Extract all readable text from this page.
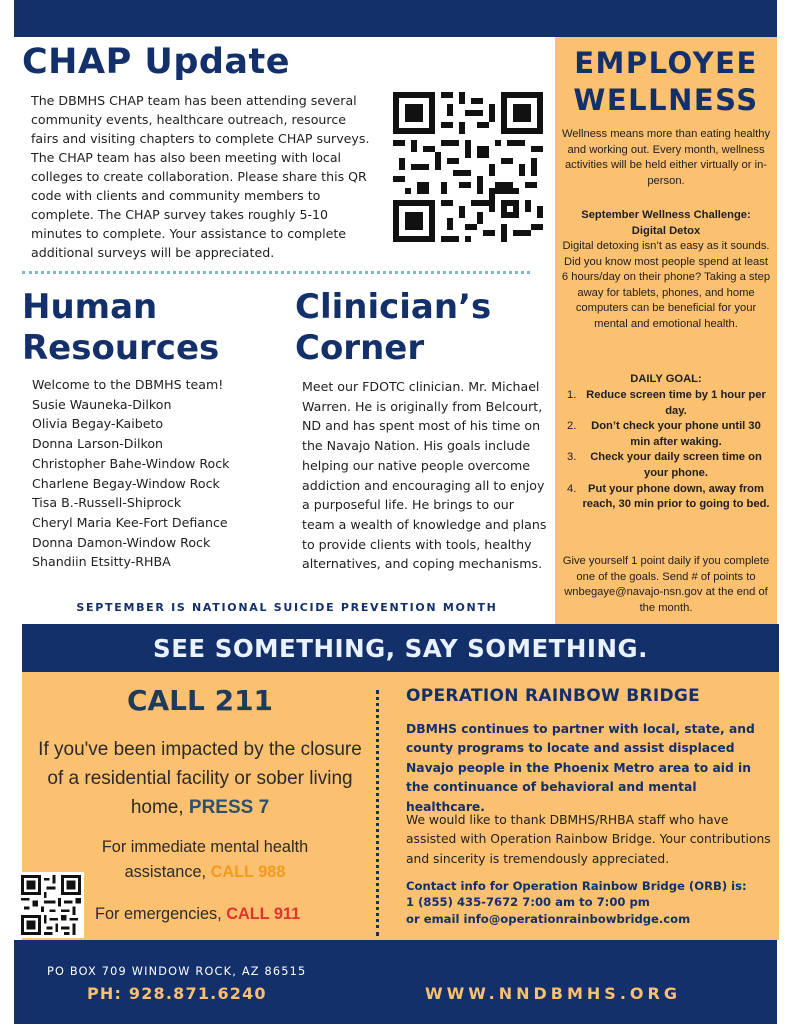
CHAP Update

The DBMHS CHAP team has been attending several community events, healthcare outreach, resource fairs and visiting chapters to complete CHAP surveys. The CHAP team has also been meeting with local colleges to create collaboration. Please share this QR code with clients and community members to complete. The CHAP survey takes roughly 5-10 minutes to complete. Your assistance to complete additional surveys will be appreciated.

Human
Resources
Welcome to the DBMHS team!
Susie Wauneka-Dilkon
Olivia Begay-Kaibeto
Donna Larson-Dilkon
Christopher Bahe-Window Rock
Charlene Begay-Window Rock
Tisa B.-Russell-Shiprock
Cheryl Maria Kee-Fort Defiance
Donna Damon-Window Rock
Shandiin Etsitty-RHBA
Clinician’s
Corner

Meet our FDOTC clinician. Mr. Michael Warren. He is originally from Belcourt, ND and has spent most of his time on the Navajo Nation. His goals include helping our native people overcome addiction and encouraging all to enjoy a purposeful life. He brings to our team a wealth of knowledge and plans to provide clients with tools, healthy alternatives, and coping mechanisms.

SEPTEMBER IS NATIONAL SUICIDE PREVENTION MONTH
EMPLOYEE
WELLNESS

Wellness means more than eating healthy and working out. Every month, wellness activities will be held either virtually or in-person.

September Wellness Challenge:
Digital Detox

Digital detoxing isn’t as easy as it sounds. Did you know most people spend at least 6 hours/day on their phone? Taking a step away for tablets, phones, and home computers can be beneficial for your mental and emotional health.

DAILY GOAL:

1. Reduce screen time by 1 hour per day.
2.	Don’t check your phone until 30 min after waking.
3.	Check your daily screen time on your phone.
4.	Put your phone down, away from reach, 30 min prior to going to bed.

Give yourself 1 point daily if you complete one of the goals. Send # of points to wnbegaye@navajo-nsn.gov at the end of the month.

SEE SOMETHING, SAY SOMETHING.
CALL 211

If you've been impacted by the closure of a residential facility or sober living home, PRESS 7

For immediate mental health assistance, CALL 988

For emergencies, CALL 911

OPERATION RAINBOW BRIDGE

DBMHS continues to partner with local, state, and county programs to locate and assist displaced Navajo people in the Phoenix Metro area to aid in the continuance of behavioral and mental healthcare.

We would like to thank DBMHS/RHBA staff who have assisted with Operation Rainbow Bridge. Your contributions and sincerity is tremendously appreciated.

Contact info for Operation Rainbow Bridge (ORB) is:
1 (855) 435-7672 7:00 am to 7:00 pm
or email info@operationrainbowbridge.com

PO BOX 709 WINDOW ROCK, AZ 86515
PH: 928.871.6240	WWW.NNDBMHS.ORG
